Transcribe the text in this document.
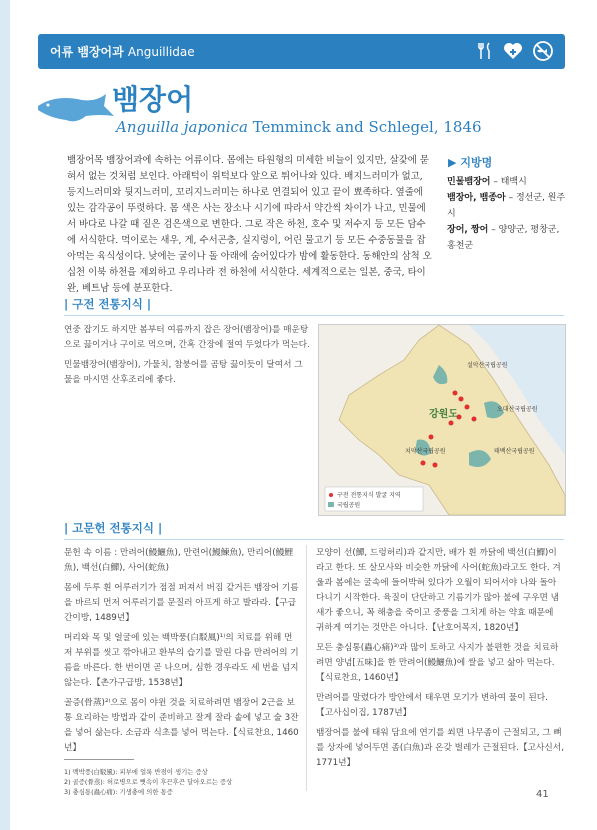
어류 뱀장어과 Anguillidae
뱀장어
Anguilla japonica Temminck and Schlegel, 1846
뱀장어목 뱀장어과에 속하는 어류이다. 몸에는 타원형의 미세한 비늘이 있지만, 살갗에 묻혀서 없는 것처럼 보인다. 아래턱이 위턱보다 앞으로 튀어나와 있다. 배지느러미가 없고, 등지느러미와 뒷지느러미, 꼬리지느러미는 하나로 연결되어 있고 끝이 뾰족하다. 옆줄에 있는 감각공이 뚜렷하다. 몸 색은 사는 장소나 시기에 따라서 약간씩 차이가 나고, 민물에서 바다로 나갈 때 짙은 검은색으로 변한다. 그로 작은 하천, 호수 및 저수지 등 모든 담수에 서식한다. 먹이로는 새우, 게, 수서곤충, 실지렁이, 어린 물고기 등 모든 수중동물을 잡아먹는 육식성이다. 낮에는 굴이나 돌 아래에 숨어있다가 밤에 활동한다. 동해안의 삼척 오십천 이북 하천을 제외하고 우리나라 전 하천에 서식한다. 세계적으로는 일본, 중국, 타이완, 베트남 등에 분포한다.
▶ 지방명
민물뱀장어 – 태백시
뱀장아, 뱀종아 – 정선군, 원주시
장어, 짱어 – 양양군, 평창군, 홍천군
| 구전 전통지식 |

연중 잡기도 하지만 봄부터 여름까지 잡은 장어(뱀장어)를 매운탕으로 끓이거나 구이로 먹으며, 간혹 간장에 절여 두었다가 먹는다.

민물뱀장어(뱀장어), 가물치, 참붕어를 곰탕 끓이듯이 달여서 그 물을 마시면 산후조리에 좋다.

설악산국립공원
오대산국립공원
치악산국립공원	태백산국립공원
강원도
구전 전통지식 발굴 지역
국립공원
| 고문헌 전통지식 |

문헌 속 이름 : 만려어(鰻鱺魚), 만련어(鰻鰊魚), 만리어(鰻鯉魚), 백선(白鱓), 사어(蛇魚)

몸에 두루 흰 어루러기가 점점 퍼져서 버짐 같거든 뱀장어 기름을 바르되 먼저 어루러기를 문질러 아프게 하고 발라라.【구급간이방, 1489년】

머리와 목 및 얼굴에 있는 백박풍(白駁風)¹⁾의 치료를 위해 먼저 부위를 씻고 깎아내고 환부의 습기를 말린 다음 만려어의 기름을 바른다. 한 번이면 곧 나으며, 심한 경우라도 세 번을 넘지 않는다.【촌가구급방, 1538년】

골증(骨蒸)²⁾으로 몸이 야윈 것을 치료하려면 뱀장어 2근을 보통 요리하는 방법과 같이 준비하고 잘게 잘라 솥에 넣고 술 3잔을 넣어 삶는다. 소금과 식초를 넣어 먹는다.【식료찬요, 1460년】

모양이 선(鱓, 드렁허리)과 같지만, 배가 흰 까닭에 백선(白鱓)이라고 한다. 또 살모사와 비슷한 까닭에 사어(蛇魚)라고도 한다. 겨울과 봄에는 굴속에 들어박혀 있다가 오월이 되어서야 나와 돌아다니기 시작한다. 육질이 단단하고 기름기가 많아 불에 구우면 냄새가 좋으니, 꼭 해충을 죽이고 중풍을 그치게 하는 약효 때문에 귀하게 여기는 것만은 아니다.【난호어목지, 1820년】

모든 충심통(蟲心痛)³⁾과 많이 토하고 사지가 불편한 것을 치료하려면 양념[五味]을 한 만려어(鰻鱺魚)에 쌀을 넣고 삶아 먹는다.【식료찬요, 1460년】

만려어를 말렸다가 방안에서 태우면 모기가 변하여 물이 된다.【고사십이집, 1787년】

뱀장어를 불에 태워 담요에 연기를 쐬면 나무좀이 근절되고, 그 뼈를 상자에 넣어두면 좀(白魚)과 온갖 벌레가 근절된다.【고사신서, 1771년】

1) 백박풍(白駁風): 피부에 얼룩 반점이 생기는 증상
2) 골증(骨蒸): 허로병으로 뼛속이 후끈후끈 달아오르는 증상
3) 충심통(蟲心痛): 기생충에 의한 통증	41
